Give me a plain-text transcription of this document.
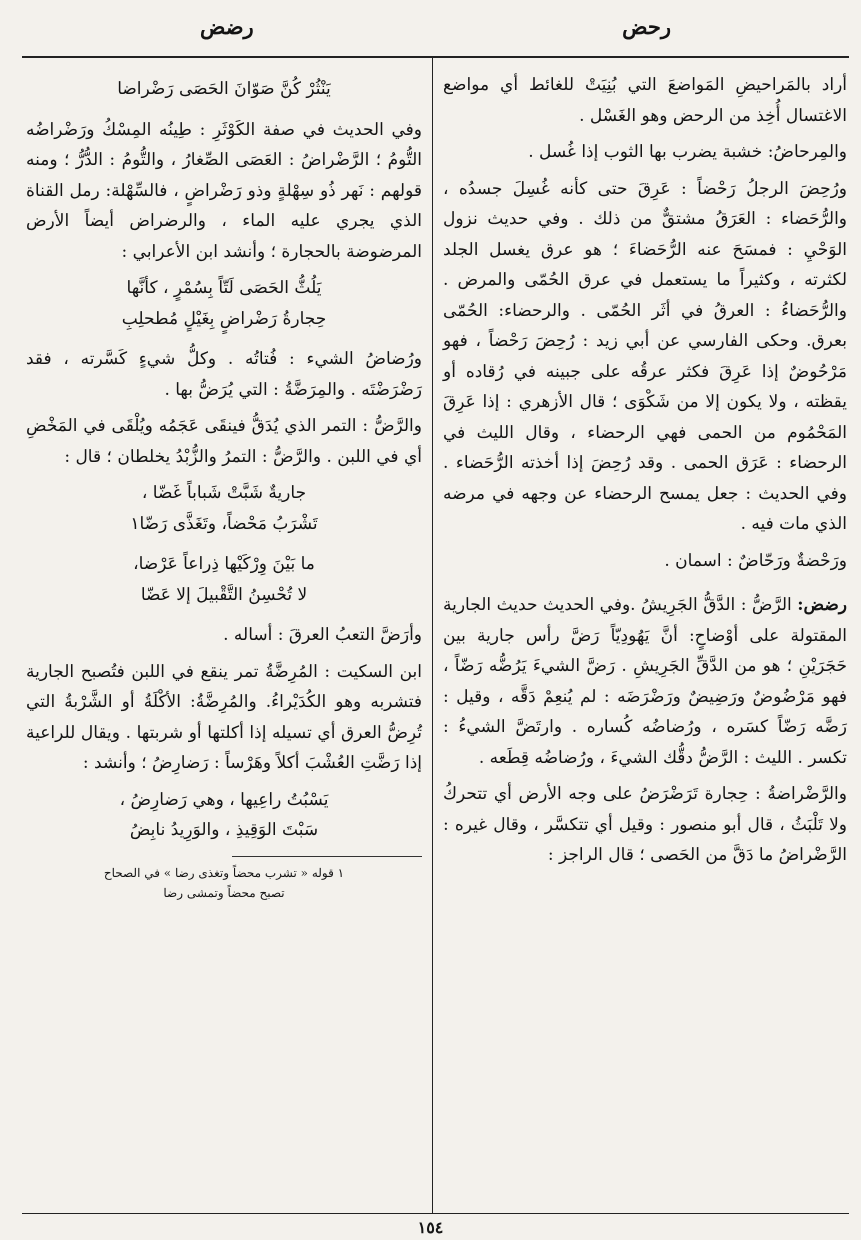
رحض
رضض

أراد بالمَراحيضِ المَواضعَ التي بُنِيَتْ للغائط أي مواضع الاغتسال أُخِذ من الرحض وهو الغَسْل .

والمِرحاضُ: خشبة يضرب بها الثوب إذا غُسل .

ورُحِضَ الرجلُ رَحْضاً : عَرِقَ حتى كأنه غُسِلَ جسدُه ، والرُّحَضاء : العَرَقُ مشتقٌّ من ذلك . وفي حديث نزول الوَحْيِ : فمسَحَ عنه الرُّحَضاءَ ؛ هو عرق يغسل الجلد لكثرته ، وكثيراً ما يستعمل في عرق الحُمّى والمرض . والرُّحَضاءُ : العرقُ في أثَر الحُمّى . والرحضاء: الحُمّى بعرق. وحكى الفارسي عن أبي زيد : رُحِضَ رَحْضاً ، فهو مَرْحُوضٌ إذا عَرِقَ فكثر عرقُه على جبينه في رُقاده أو يقظته ، ولا يكون إلا من شَكْوَى ؛ قال الأزهري : إذا عَرِقَ المَحْمُوم من الحمى فهي الرحضاء ، وقال الليث في الرحضاء : عَرَق الحمى . وقد رُحِضَ إذا أخذته الرُّحَضاء . وفي الحديث : جعل يمسح الرحضاء عن وجهه في مرضه الذي مات فيه .

ورَحْضةٌ ورَحّاضٌ : اسمان .

رضض: الرَّضُّ : الدَّقُّ الجَرِيشُ .وفي الحديث حديث الجارية المقتولة على أوْضاحٍ: أنَّ يَهُودِيّاً رَضَّ رأس جارية بين حَجَرَيْنِ ؛ هو من الدَّقِّ الجَرِيشِ . رَضَّ الشيءَ يَرُضُّه رَضّاً ، فهو مَرْضُوضٌ ورَضِيضٌ ورَضْرَضَه : لم يُنعِمْ دَقَّه ، وقيل : رَضَّه رَضّاً كسَره ، ورُضاضُه كُساره . وارتَضَّ الشيءُ : تكسر . الليث : الرَّضُّ دقُّك الشيءَ ، ورُضاضُه قِطَعه .

والرَّضْراضةُ : حِجارة تَرَضْرَضُ على وجه الأرض أي تتحركُ ولا تَلْبَثُ ، قال أبو منصور : وقيل أي تتكسَّر ، وقال غيره : الرَّضْراضُ ما دَقَّ من الحَصى ؛ قال الراجز :

يَنْثُرْ كُنَّ صَوّانَ الحَصَى رَضْراضا

وفي الحديث في صفة الكَوْثَرِ : طِينُه المِسْكُ ورَضْراضُه التُّومُ ؛ الرَّضْراضُ : العَصَى الصِّغارُ ، والتُّومُ : الدُّرُّ ؛ ومنه قولهم : نَهر ذُو سِهْلةٍ وذو رَضْراضٍ ، فالسِّهْلة: رمل القناة الذي يجري عليه الماء ، والرضراض أيضاً الأرض المرضوضة بالحجارة ؛ وأنشد ابن الأعرابي :

يَلُثُّ الحَصَى لَتّاً بِسُمْرٍ ، كأنَّها
حِجارةُ رَضْراضٍ بِغَيْلٍ مُطحلِبِ

ورُضاضُ الشيء : فُتاتُه . وكلُّ شيءٍ كَسَّرته ، فقد رَضْرَضْتَه . والمِرَضَّةُ : التي يُرَضُّ بها .

والرَّضُّ : التمر الذي يُدَقُّ فينقَى عَجَمُه ويُلْقَى في المَخْضِ أي في اللبن . والرَّضُّ : التمرُ والزُّبْدُ يخلطان ؛ قال :

جاريةٌ شَبَّتْ شَباباً غَضّا ،
تَشْرَبُ مَحْضاً، وتَغَذَّى رَضّا١
ما بَيْنَ وِرْكَيْها ذِراعاً عَرْضا،
لا تُحْسِنُ التَّقْبيلَ إلا عَضّا

وأرَضَّ التعبُ العرقَ : أساله .

ابن السكيت : المُرِضَّةُ تمر ينقع في اللبن فتُصبح الجارية فتشربه وهو الكُدَيْراءُ. والمُرِضَّةُ: الأكْلَةُ أو الشَّرْبةُ التي تُرِضُّ العرق أي تسيله إذا أكلتها أو شربتها . ويقال للراعية إذا رَضَّتِ العُشْبَ أكلاً وهَرْساً : رَضارِضُ ؛ وأنشد :

يَسْبُتُ راعِيها ، وهي رَضارِضُ ،
سَبْتَ الوَقِيذِ ، والوَرِيدُ نابِضُ
١ قوله « تشرب محضاً وتغذى رضا » في الصحاح
تصبح محضاً وتمشى رضا
١٥٤
